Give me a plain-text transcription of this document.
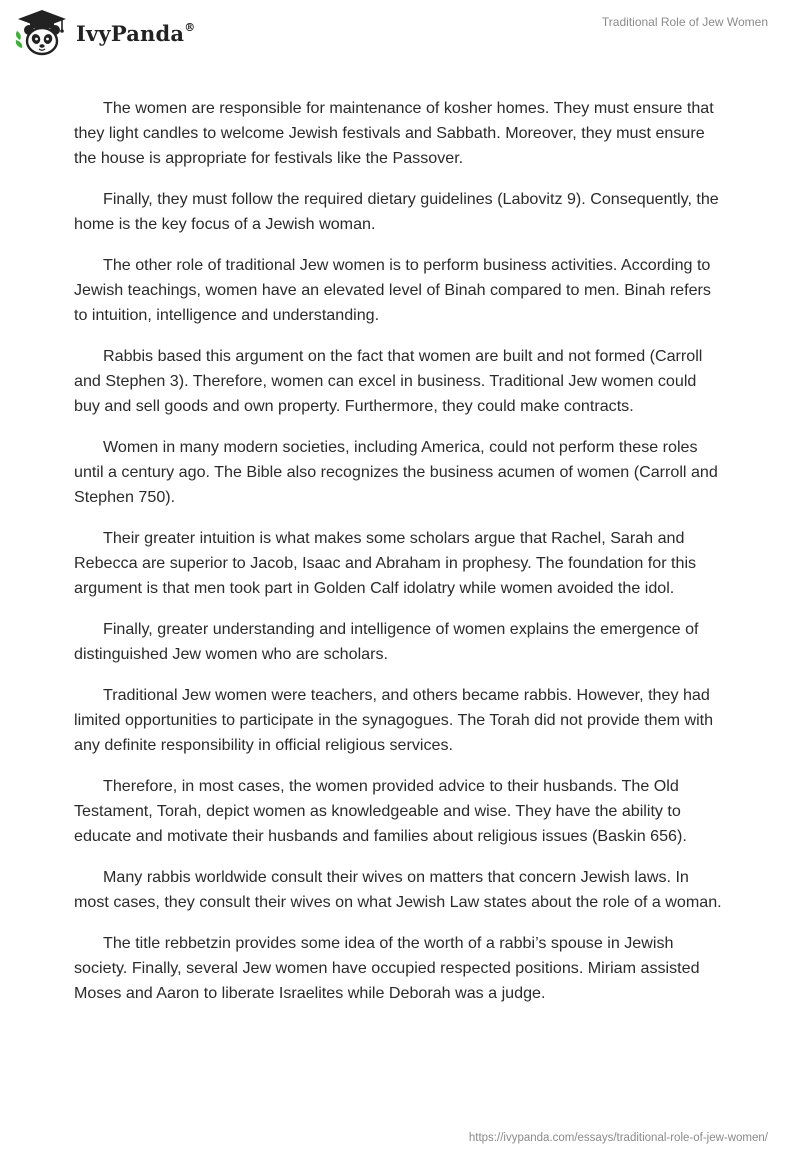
IvyPanda®	Traditional Role of Jew Women

The women are responsible for maintenance of kosher homes. They must ensure that they light candles to welcome Jewish festivals and Sabbath. Moreover, they must ensure the house is appropriate for festivals like the Passover.

Finally, they must follow the required dietary guidelines (Labovitz 9). Consequently, the home is the key focus of a Jewish woman.

The other role of traditional Jew women is to perform business activities. According to Jewish teachings, women have an elevated level of Binah compared to men. Binah refers to intuition, intelligence and understanding.

Rabbis based this argument on the fact that women are built and not formed (Carroll and Stephen 3). Therefore, women can excel in business. Traditional Jew women could buy and sell goods and own property. Furthermore, they could make contracts.

Women in many modern societies, including America, could not perform these roles until a century ago. The Bible also recognizes the business acumen of women (Carroll and Stephen 750).

Their greater intuition is what makes some scholars argue that Rachel, Sarah and Rebecca are superior to Jacob, Isaac and Abraham in prophesy. The foundation for this argument is that men took part in Golden Calf idolatry while women avoided the idol.

Finally, greater understanding and intelligence of women explains the emergence of distinguished Jew women who are scholars.

Traditional Jew women were teachers, and others became rabbis. However, they had limited opportunities to participate in the synagogues. The Torah did not provide them with any definite responsibility in official religious services.

Therefore, in most cases, the women provided advice to their husbands. The Old Testament, Torah, depict women as knowledgeable and wise. They have the ability to educate and motivate their husbands and families about religious issues (Baskin 656).

Many rabbis worldwide consult their wives on matters that concern Jewish laws. In most cases, they consult their wives on what Jewish Law states about the role of a woman.

The title rebbetzin provides some idea of the worth of a rabbi’s spouse in Jewish society. Finally, several Jew women have occupied respected positions. Miriam assisted Moses and Aaron to liberate Israelites while Deborah was a judge.

https://ivypanda.com/essays/traditional-role-of-jew-women/
